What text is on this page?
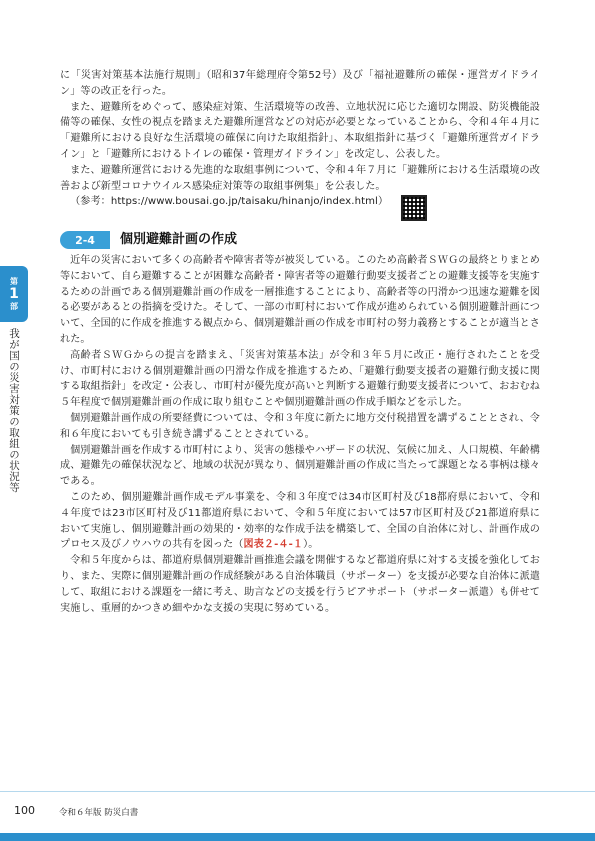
に「災害対策基本法施行規則」（昭和37年総理府令第52号）及び「福祉避難所の確保・運営ガイドライン」等の改正を行った。

また、避難所をめぐって、感染症対策、生活環境等の改善、立地状況に応じた適切な開設、防災機能設備等の確保、女性の視点を踏まえた避難所運営などの対応が必要となっていることから、令和４年４月に「避難所における良好な生活環境の確保に向けた取組指針」、本取組指針に基づく「避難所運営ガイドライン」と「避難所におけるトイレの確保・管理ガイドライン」を改定し、公表した。

また、避難所運営における先進的な取組事例について、令和４年７月に「避難所における生活環境の改善および新型コロナウイルス感染症対策等の取組事例集」を公表した。

（参考：https://www.bousai.go.jp/taisaku/hinanjo/index.html）

2-4	個別避難計画の作成

近年の災害において多くの高齢者や障害者等が被災している。このため高齢者ＳＷＧの最終とりまとめ等において、自ら避難することが困難な高齢者・障害者等の避難行動要支援者ごとの避難支援等を実施するための計画である個別避難計画の作成を一層推進することにより、高齢者等の円滑かつ迅速な避難を図る必要があるとの指摘を受けた。そして、一部の市町村において作成が進められている個別避難計画について、全国的に作成を推進する観点から、個別避難計画の作成を市町村の努力義務とすることが適当とされた。

高齢者ＳＷＧからの提言を踏まえ、「災害対策基本法」が令和３年５月に改正・施行されたことを受け、市町村における個別避難計画の円滑な作成を推進するため、「避難行動要支援者の避難行動支援に関する取組指針」を改定・公表し、市町村が優先度が高いと判断する避難行動要支援者について、おおむね５年程度で個別避難計画の作成に取り組むことや個別避難計画の作成手順などを示した。

個別避難計画作成の所要経費については、令和３年度に新たに地方交付税措置を講ずることとされ、令和６年度においても引き続き講ずることとされている。

個別避難計画を作成する市町村により、災害の態様やハザードの状況、気候に加え、人口規模、年齢構成、避難先の確保状況など、地域の状況が異なり、個別避難計画の作成に当たって課題となる事柄は様々である。

このため、個別避難計画作成モデル事業を、令和３年度では34市区町村及び18都府県において、令和４年度では23市区町村及び11都道府県において、令和５年度においては57市区町村及び21都道府県において実施し、個別避難計画の効果的・効率的な作成手法を構築して、全国の自治体に対し、計画作成のプロセス及びノウハウの共有を図った（図表２-４-１）。

令和５年度からは、都道府県個別避難計画推進会議を開催するなど都道府県に対する支援を強化しており、また、実際に個別避難計画の作成経験がある自治体職員（サポーター）を支援が必要な自治体に派遣して、取組における課題を一緒に考え、助言などの支援を行うピアサポート（サポーター派遣）も併せて実施し、重層的かつきめ細やかな支援の実現に努めている。

第
1
部
我が国の災害対策の取組の状況等
100	令和６年版 防災白書
